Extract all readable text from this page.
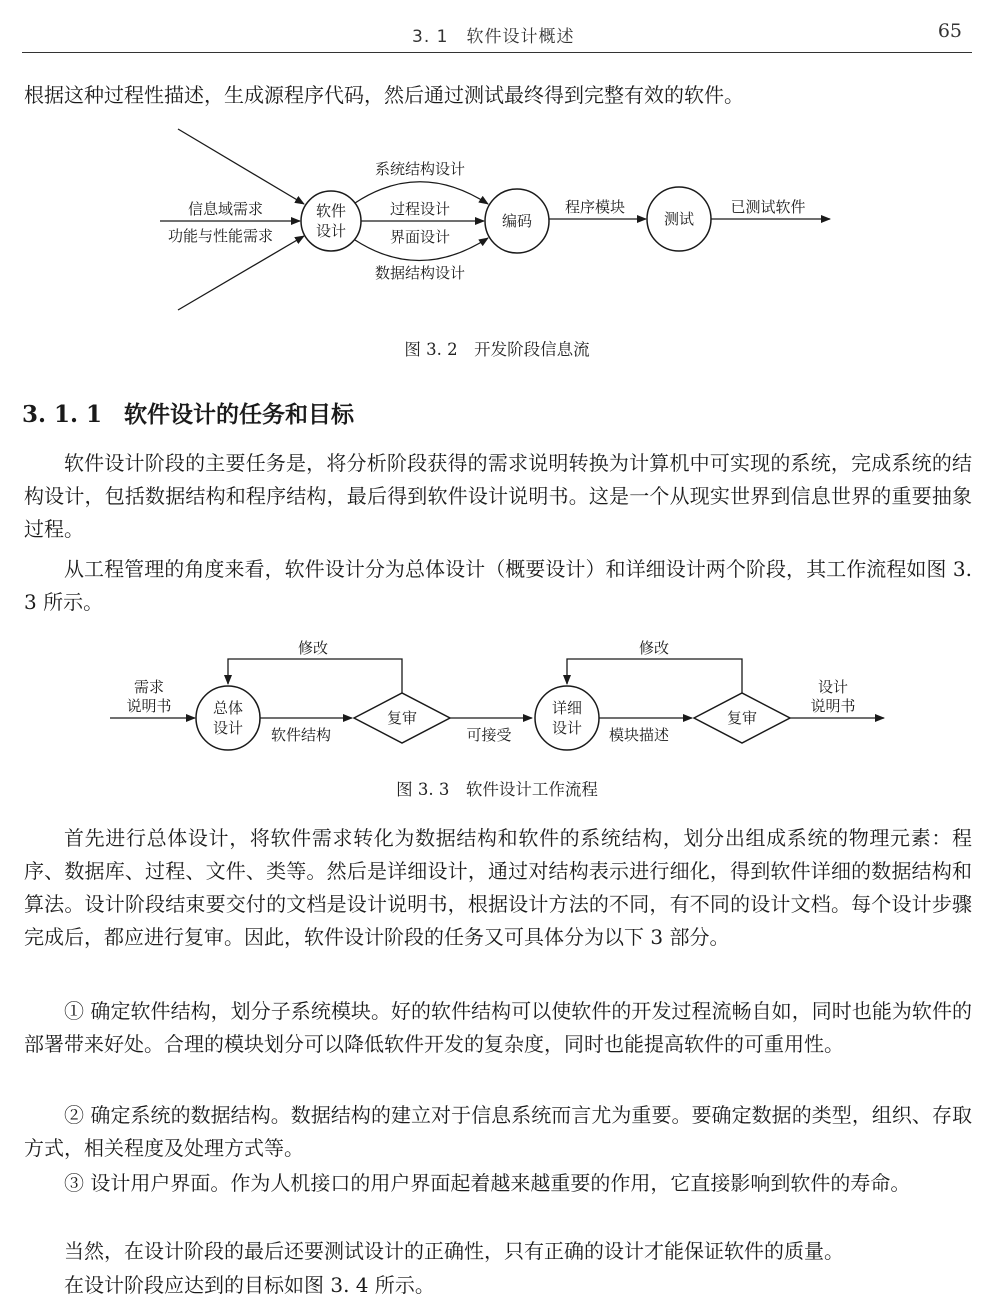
3. 1　软件设计概述	65

根据这种过程性描述，生成源程序代码，然后通过测试最终得到完整有效的软件。

信息域需求
功能与性能需求
软件
设计
系统结构设计
过程设计
界面设计
数据结构设计
编码
程序模块
测试
已测试软件
图 3. 2　开发阶段信息流
3. 1. 1 软件设计的任务和目标

软件设计阶段的主要任务是，将分析阶段获得的需求说明转换为计算机中可实现的系统，完成系统的结构设计，包括数据结构和程序结构，最后得到软件设计说明书。这是一个从现实世界到信息世界的重要抽象过程。

从工程管理的角度来看，软件设计分为总体设计（概要设计）和详细设计两个阶段，其工作流程如图 3. 3 所示。

需求
说明书	总体
设计 软件结构
复审
修改
可接受
详细
设计 模块描述
复审
修改
设计
说明书
图 3. 3　软件设计工作流程

首先进行总体设计，将软件需求转化为数据结构和软件的系统结构，划分出组成系统的物理元素：程序、数据库、过程、文件、类等。然后是详细设计，通过对结构表示进行细化，得到软件详细的数据结构和算法。设计阶段结束要交付的文档是设计说明书，根据设计方法的不同，有不同的设计文档。每个设计步骤完成后，都应进行复审。因此，软件设计阶段的任务又可具体分为以下 3 部分。

① 确定软件结构，划分子系统模块。好的软件结构可以使软件的开发过程流畅自如，同时也能为软件的部署带来好处。合理的模块划分可以降低软件开发的复杂度，同时也能提高软件的可重用性。

② 确定系统的数据结构。数据结构的建立对于信息系统而言尤为重要。要确定数据的类型，组织、存取方式，相关程度及处理方式等。

③ 设计用户界面。作为人机接口的用户界面起着越来越重要的作用，它直接影响到软件的寿命。

当然，在设计阶段的最后还要测试设计的正确性，只有正确的设计才能保证软件的质量。

在设计阶段应达到的目标如图 3. 4 所示。
